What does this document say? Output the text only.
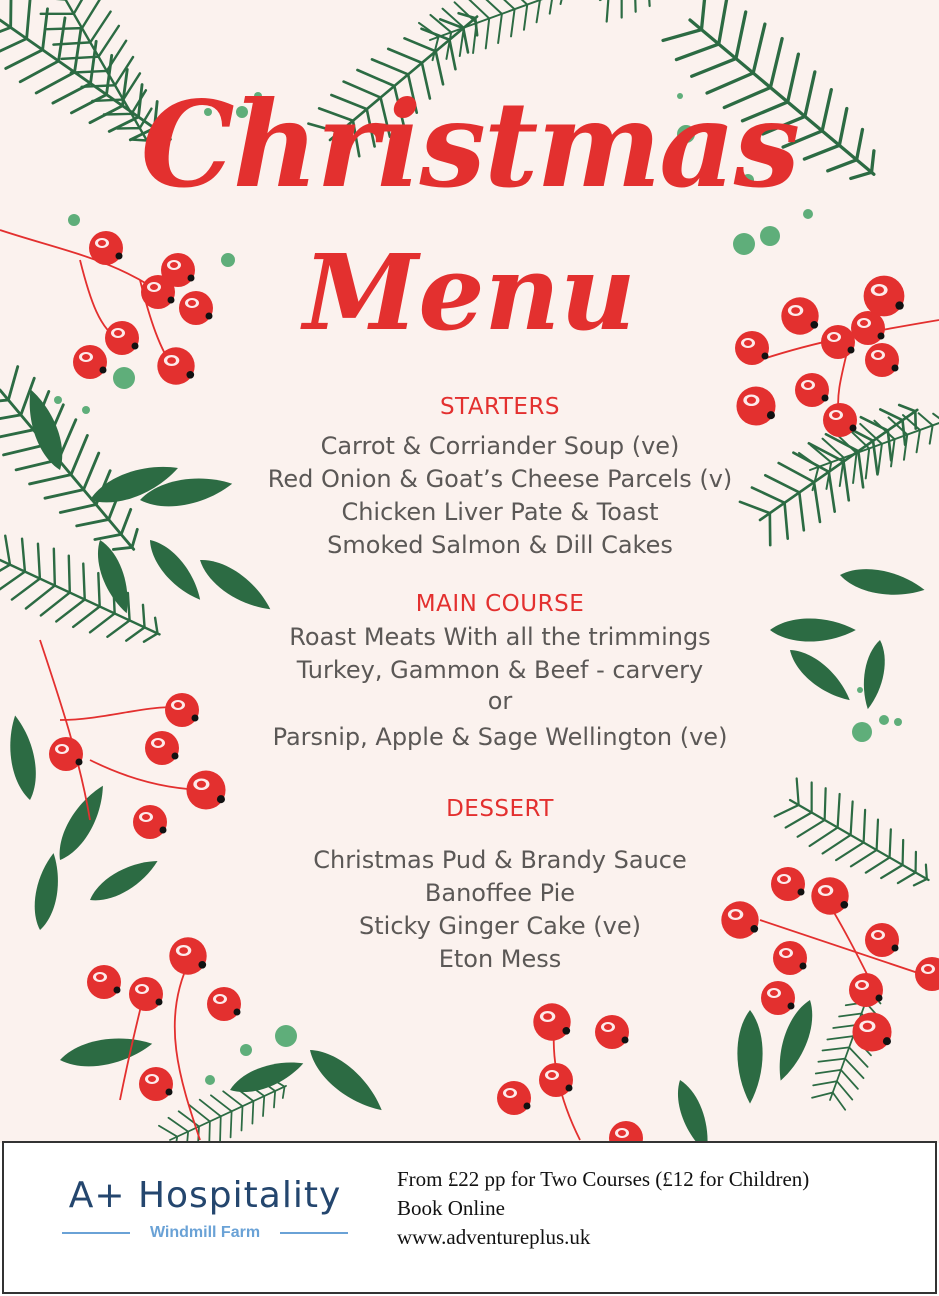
Christmas
Menu
STARTERS
Carrot & Corriander Soup (ve)
Red Onion & Goat’s Cheese Parcels (v)
Chicken Liver Pate & Toast
Smoked Salmon & Dill Cakes
MAIN COURSE
Roast Meats With all the trimmings
Turkey, Gammon & Beef - carvery
or
Parsnip, Apple & Sage Wellington (ve)
DESSERT
Christmas Pud & Brandy Sauce
Banoffee Pie
Sticky Ginger Cake (ve)
Eton Mess
A+ Hospitality
Windmill Farm
From £22 pp for Two Courses (£12 for Children)
Book Online
www.adventureplus.uk
